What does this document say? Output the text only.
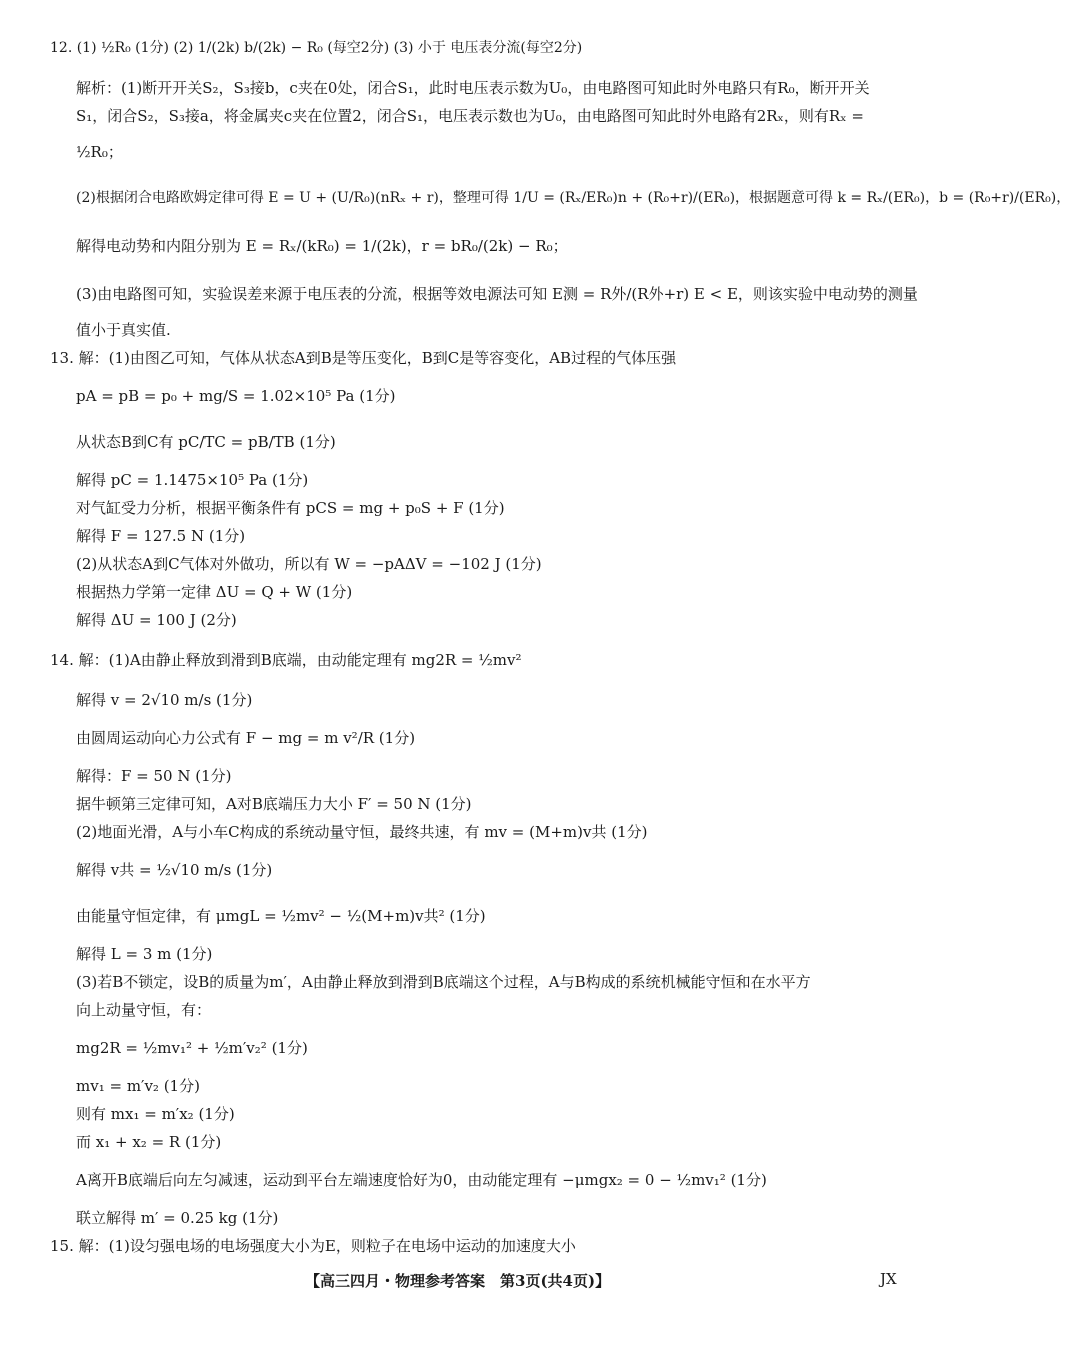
12. (1) ½R₀ (1分) (2) 1/(2k) b/(2k) − R₀ (每空2分) (3) 小于 电压表分流(每空2分)
解析：(1)断开开关S₂，S₃接b，c夹在0处，闭合S₁，此时电压表示数为U₀，由电路图可知此时外电路只有R₀，断开开关
S₁，闭合S₂，S₃接a，将金属夹c夹在位置2，闭合S₁，电压表示数也为U₀，由电路图可知此时外电路有2Rₓ，则有Rₓ =
½R₀；
(2)根据闭合电路欧姆定律可得 E = U + (U/R₀)(nRₓ + r)，整理可得 1/U = (Rₓ/ER₀)n + (R₀+r)/(ER₀)，根据题意可得 k = Rₓ/(ER₀)，b = (R₀+r)/(ER₀)，
解得电动势和内阻分别为 E = Rₓ/(kR₀) = 1/(2k)，r = bR₀/(2k) − R₀；
(3)由电路图可知，实验误差来源于电压表的分流，根据等效电源法可知 E测 = R外/(R外+r) E < E，则该实验中电动势的测量
值小于真实值.
13. 解：(1)由图乙可知，气体从状态A到B是等压变化，B到C是等容变化，AB过程的气体压强
pA = pB = p₀ + mg/S = 1.02×10⁵ Pa (1分)
从状态B到C有 pC/TC = pB/TB (1分)
解得 pC = 1.1475×10⁵ Pa (1分)
对气缸受力分析，根据平衡条件有 pCS = mg + p₀S + F (1分)
解得 F = 127.5 N (1分)
(2)从状态A到C气体对外做功，所以有 W = −pAΔV = −102 J (1分)
根据热力学第一定律 ΔU = Q + W (1分)
解得 ΔU = 100 J (2分)
14. 解：(1)A由静止释放到滑到B底端，由动能定理有 mg2R = ½mv²
解得 v = 2√10 m/s (1分)
由圆周运动向心力公式有 F − mg = m v²/R (1分)
解得：F = 50 N (1分)
据牛顿第三定律可知，A对B底端压力大小 F′ = 50 N (1分)
(2)地面光滑，A与小车C构成的系统动量守恒，最终共速，有 mv = (M+m)v共 (1分)
解得 v共 = ½√10 m/s (1分)
由能量守恒定律，有 μmgL = ½mv² − ½(M+m)v共² (1分)
解得 L = 3 m (1分)
(3)若B不锁定，设B的质量为m′，A由静止释放到滑到B底端这个过程，A与B构成的系统机械能守恒和在水平方
向上动量守恒，有：
mg2R = ½mv₁² + ½m′v₂² (1分)
mv₁ = m′v₂ (1分)
则有 mx₁ = m′x₂ (1分)
而 x₁ + x₂ = R (1分)
A离开B底端后向左匀减速，运动到平台左端速度恰好为0，由动能定理有 −μmgx₂ = 0 − ½mv₁² (1分)
联立解得 m′ = 0.25 kg (1分)
15. 解：(1)设匀强电场的电场强度大小为E，则粒子在电场中运动的加速度大小
【高三四月・物理参考答案　第3页(共4页)】	JX
